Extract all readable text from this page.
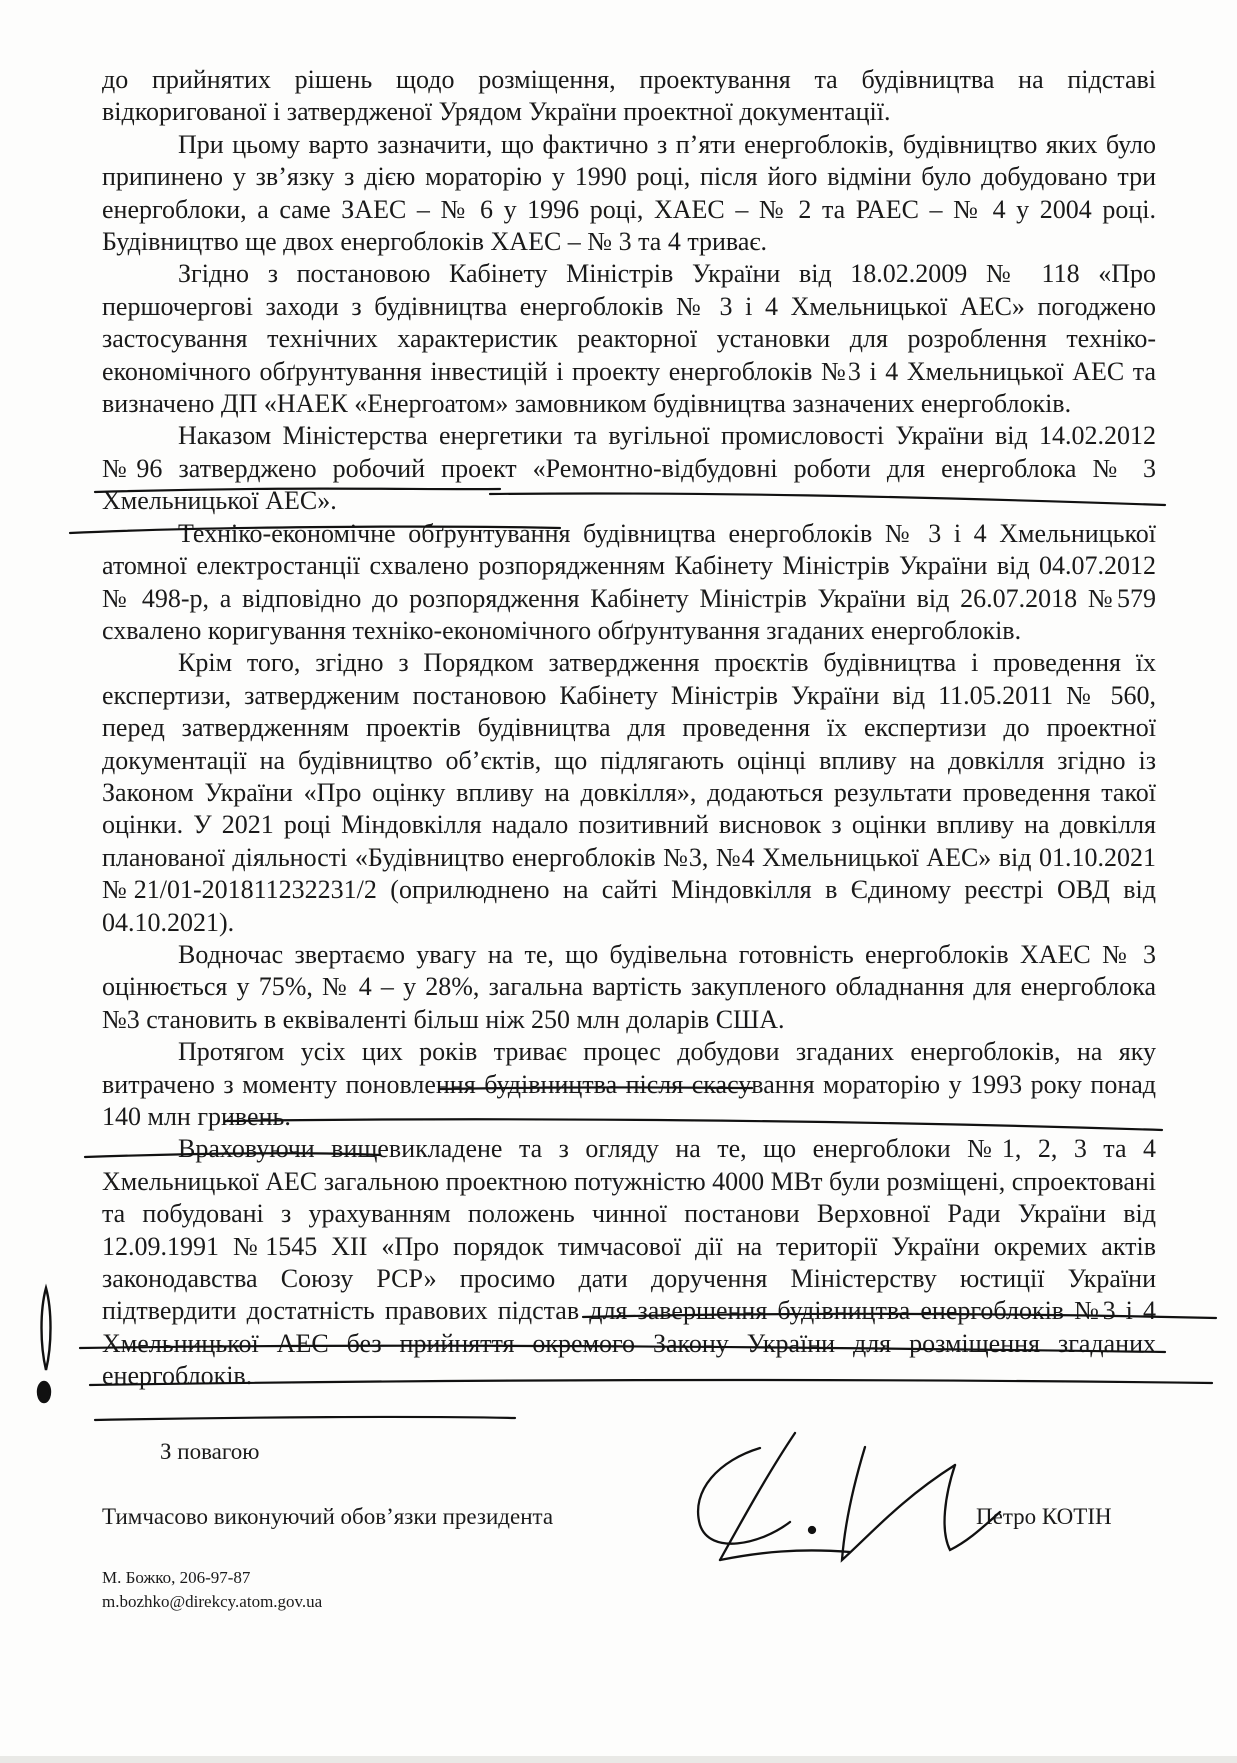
до прийнятих рішень щодо розміщення, проектування та будівництва на підставі відкоригованої і затвердженої Урядом України проектної документації.

При цьому варто зазначити, що фактично з п’яти енергоблоків, будівництво яких було припинено у зв’язку з дією мораторію у 1990 році, після його відміни було добудовано три енергоблоки, а саме ЗАЕС – № 6 у 1996 році, ХАЕС – № 2 та РАЕС – № 4 у 2004 році. Будівництво ще двох енергоблоків ХАЕС – № 3 та 4 триває.

Згідно з постановою Кабінету Міністрів України від 18.02.2009 № 118 «Про першочергові заходи з будівництва енергоблоків № 3 і 4 Хмельницької АЕС» погоджено застосування технічних характеристик реакторної установки для розроблення техніко-економічного обґрунтування інвестицій і проекту енергоблоків №3 і 4 Хмельницької АЕС та визначено ДП «НАЕК «Енергоатом» замовником будівництва зазначених енергоблоків.

Наказом Міністерства енергетики та вугільної промисловості України від 14.02.2012 №96 затверджено робочий проект «Ремонтно-відбудовні роботи для енергоблока № 3 Хмельницької АЕС».

Техніко-економічне обґрунтування будівництва енергоблоків № 3 і 4 Хмельницької атомної електростанції схвалено розпорядженням Кабінету Міністрів України від 04.07.2012 № 498-р, а відповідно до розпорядження Кабінету Міністрів України від 26.07.2018 №579 схвалено коригування техніко-економічного обґрунтування згаданих енергоблоків.

Крім того, згідно з Порядком затвердження проєктів будівництва і проведення їх експертизи, затвердженим постановою Кабінету Міністрів України від 11.05.2011 № 560, перед затвердженням проектів будівництва для проведення їх експертизи до проектної документації на будівництво об’єктів, що підлягають оцінці впливу на довкілля згідно із Законом України «Про оцінку впливу на довкілля», додаються результати проведення такої оцінки. У 2021 році Міндовкілля надало позитивний висновок з оцінки впливу на довкілля планованої діяльності «Будівництво енергоблоків №3, №4 Хмельницької АЕС» від 01.10.2021 №21/01-201811232231/2 (оприлюднено на сайті Міндовкілля в Єдиному реєстрі ОВД від 04.10.2021).

Водночас звертаємо увагу на те, що будівельна готовність енергоблоків ХАЕС № 3 оцінюється у 75%, № 4 – у 28%, загальна вартість закупленого обладнання для енергоблока №3 становить в еквіваленті більш ніж 250 млн доларів США.

Протягом усіх цих років триває процес добудови згаданих енергоблоків, на яку витрачено з моменту поновлення будівництва після скасування мораторію у 1993 року понад 140 млн гривень.

Враховуючи вищевикладене та з огляду на те, що енергоблоки №1, 2, 3 та 4 Хмельницької АЕС загальною проектною потужністю 4000 МВт були розміщені, спроектовані та побудовані з урахуванням положень чинної постанови Верховної Ради України від 12.09.1991 №1545 XII «Про порядок тимчасової дії на території України окремих актів законодавства Союзу РСР» просимо дати доручення Міністерству юстиції України підтвердити достатність правових підстав для завершення будівництва енергоблоків №3 і 4 Хмельницької АЕС без прийняття окремого Закону України для розміщення згаданих енергоблоків.

З повагою
Тимчасово виконуючий обов’язки президента	Петро КОТІН
М. Божко, 206-97-87
m.bozhko@direkcy.atom.gov.ua
